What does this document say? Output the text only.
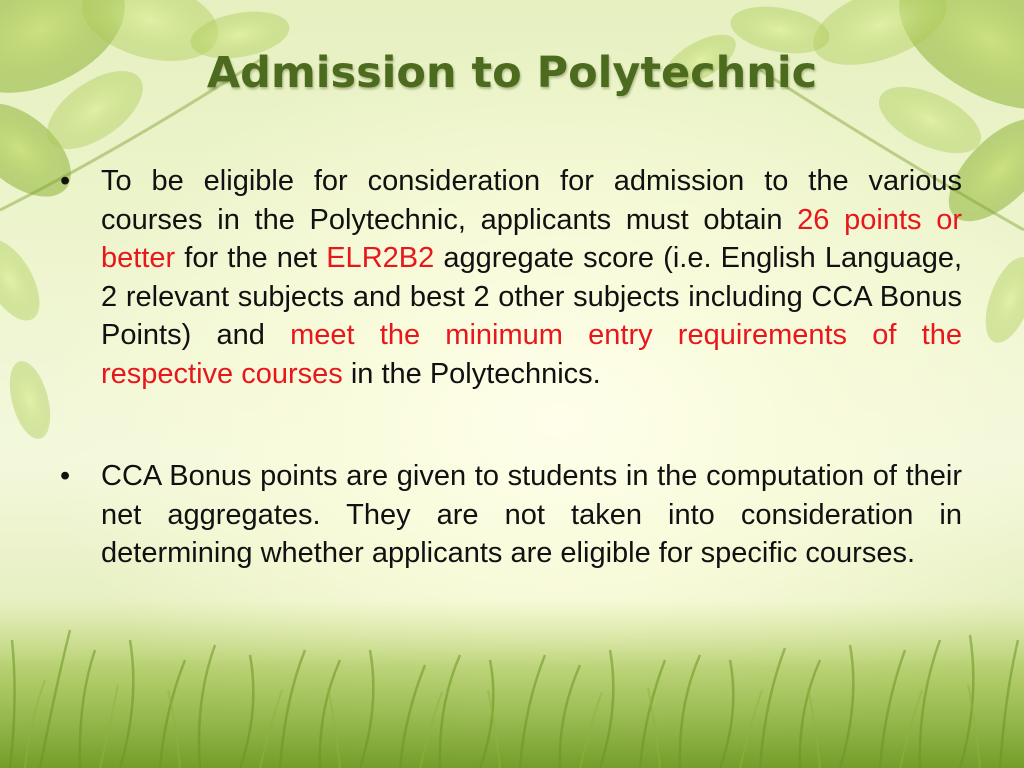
Admission to Polytechnic
• To be eligible for consideration for admission to the various courses in the Polytechnic, applicants must obtain 26 points or better for the net ELR2B2 aggregate score (i.e. English Language, 2 relevant subjects and best 2 other subjects including CCA Bonus Points) and meet the minimum entry requirements of the respective courses in the Polytechnics.
• CCA Bonus points are given to students in the computation of their net aggregates. They are not taken into consideration in determining whether applicants are eligible for specific courses.
